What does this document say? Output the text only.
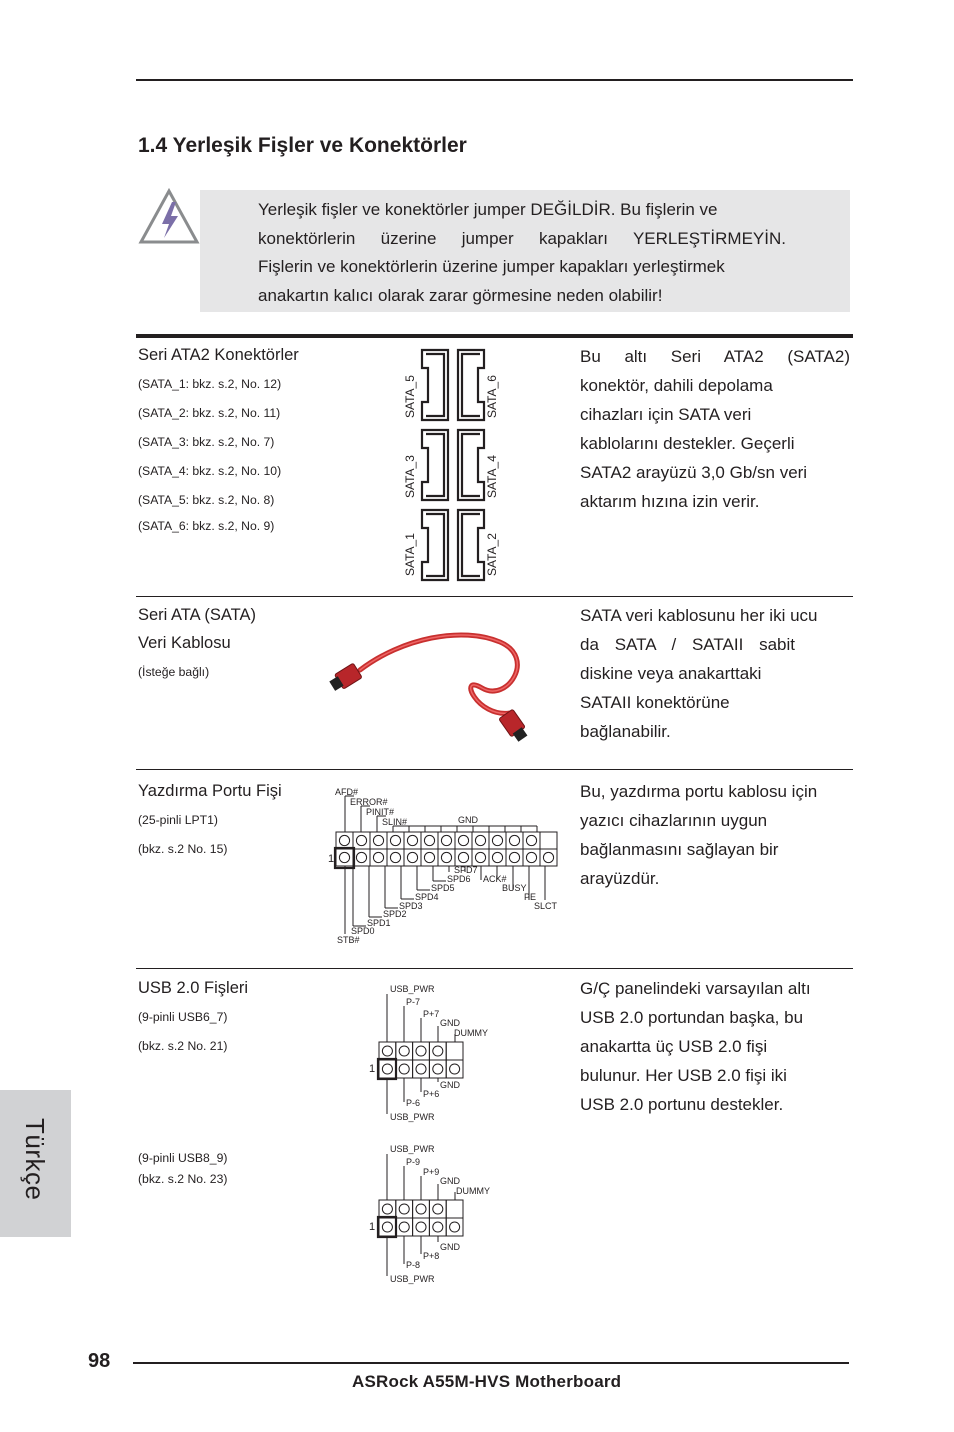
1.4 Yerleşik Fişler ve Konektörler
Yerleşik fişler ve konektörler jumper DEĞİLDİR. Bu fişlerin ve
konektörlerin üzerine jumper kapakları YERLEŞTİRMEYİN.
Fişlerin ve konektörlerin üzerine jumper kapakları yerleştirmek
anakartın kalıcı olarak zarar görmesine neden olabilir!
Seri ATA2 Konektörler
(SATA_1: bkz. s.2, No. 12)
(SATA_2: bkz. s.2, No. 11)
(SATA_3: bkz. s.2, No. 7)
(SATA_4: bkz. s.2, No. 10)
(SATA_5: bkz. s.2, No. 8)
(SATA_6: bkz. s.2, No. 9)
SATA_5	SATA_6
SATA_3	SATA_4
SATA_1	SATA_2
Bu altı Seri ATA2 (SATA2)
konektör, dahili depolama
cihazları için SATA veri
kablolarını destekler. Geçerli
SATA2 arayüzü 3,0 Gb/sn veri
aktarım hızına izin verir.
Seri ATA (SATA)
Veri Kablosu
(İsteğe bağlı)
SATA veri kablosunu her iki ucu
da SATA / SATAII sabit
diskine veya anakarttaki
SATAII konektörüne
bağlanabilir.
Yazdırma Portu Fişi
(25-pinli LPT1)
(bkz. s.2 No. 15)
AFD#
ERROR#
PINIT#
SLIN#	GND
1
SPD7
SPD6 ACK#
SPD5	BUSY
SPD4	PE
SPD3	SLCT
SPD2
SPD1
SPD0
STB#
Bu, yazdırma portu kablosu için
yazıcı cihazlarının uygun
bağlanmasını sağlayan bir
arayüzdür.
USB 2.0 Fişleri
(9-pinli USB6_7)
(bkz. s.2 No. 21)
(9-pinli USB8_9)
(bkz. s.2 No. 23)
USB_PWR
P-7
P+7
GND
DUMMY
1
GND
P+6
P-6
USB_PWR
USB_PWR
P-9
P+9
GND
DUMMY
1
GND
P+8
P-8
USB_PWR
G/Ç panelindeki varsayılan altı
USB 2.0 portundan başka, bu
anakartta üç USB 2.0 fişi
bulunur. Her USB 2.0 fişi iki
USB 2.0 portunu destekler.
Türkçe
98
ASRock A55M-HVS Motherboard
